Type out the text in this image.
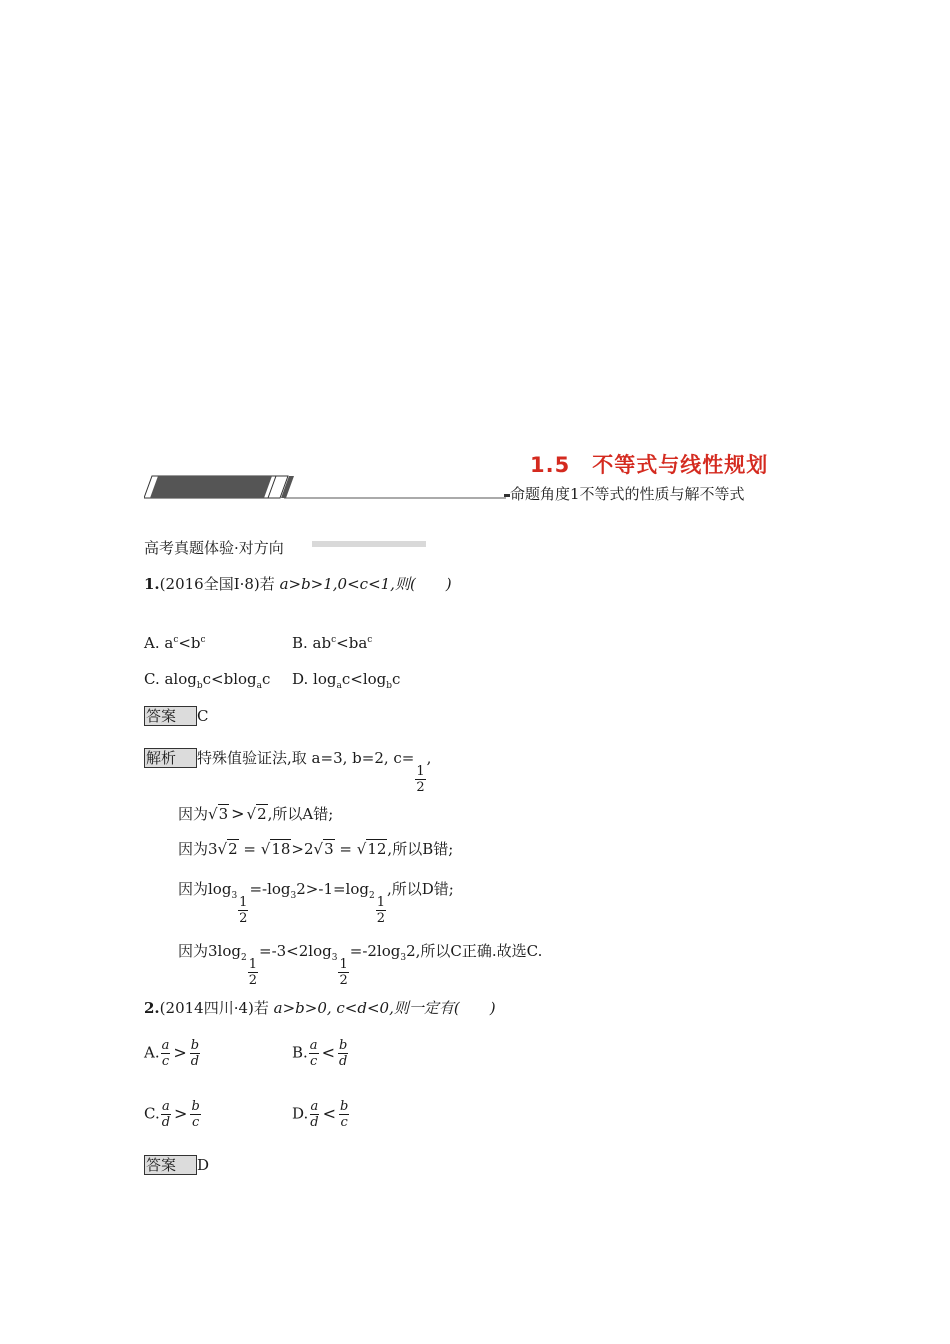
1.5　不等式与线性规划
命题角度1不等式的性质与解不等式
高考真题体验·对方向
1.(2016全国Ⅰ·8)若 a>b>1,0<c<1,则(　　)
A. $a^c<b^c$	B. $ab^c<ba^c$
C. alog$_b$c<blog$_a$c D. $\log_ac<\log_bc$
答案 C
解析 特殊值验证法,取 a=3, b=2, c=
$\frac{1}{2}$
,
因为√3 > √2,所以A错;
因为3√2 = √18>2√3 = √12,所以B错;
因为$\log_3 \frac{1}{2}$
$=-\log_32>-1=\log_2 \frac{1}{2}$
,所以D错;
因为$3\log_2 \frac{1}{2}$
$=-3<2\log_3 \frac{1}{2}$
$=-2\log_32$,所以C正确.故选C.
2.(2014四川·4)若 a>b>0, c<d<0,则一定有(　　)
A. $\frac{a}{c} > \frac{b}{d}$	B. $\frac{a}{c} < \frac{b}{d}$
C. $\frac{a}{d} > \frac{b}{c}$	D. $\frac{a}{d} < \frac{b}{c}$
答案 D
